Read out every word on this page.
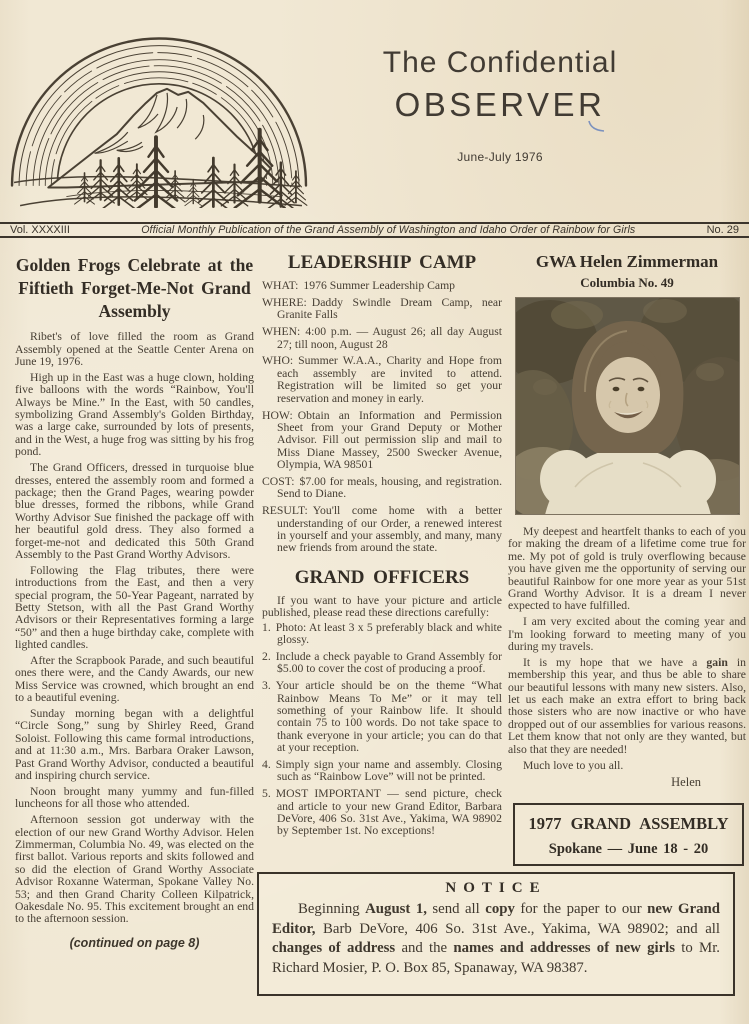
The Confidential
OBSERVER
June-July 1976
Vol. XXXXIII	Official Monthly Publication of the Grand Assembly of Washington and Idaho Order of Rainbow for Girls	No. 29
Golden Frogs Celebrate at the Fiftieth Forget-Me-Not Grand Assembly

Ribet's of love filled the room as Grand Assembly opened at the Seattle Center Arena on June 19, 1976.

High up in the East was a huge clown, holding five balloons with the words “Rainbow, You'll Always be Mine.” In the East, with 50 candles, symbolizing Grand Assembly's Golden Birthday, was a large cake, surrounded by lots of presents, and in the West, a huge frog was sitting by his frog pond.

The Grand Officers, dressed in turquoise blue dresses, entered the assembly room and formed a package; then the Grand Pages, wearing powder blue dresses, formed the ribbons, while Grand Worthy Advisor Sue finished the package off with her beautiful gold dress. They also formed a forget-me-not and dedicated this 50th Grand Assembly to the Past Grand Worthy Advisors.

Following the Flag tributes, there were introductions from the East, and then a very special program, the 50-Year Pageant, narrated by Betty Stetson, with all the Past Grand Worthy Advisors or their Representatives forming a large “50” and then a huge birthday cake, complete with lighted candles.

After the Scrapbook Parade, and such beautiful ones there were, and the Candy Awards, our new Miss Service was crowned, which brought an end to a beautiful evening.

Sunday morning began with a delightful “Circle Song,” sung by Shirley Reed, Grand Soloist. Following this came formal introductions, and at 11:30 a.m., Mrs. Barbara Oraker Lawson, Past Grand Worthy Advisor, conducted a beautiful and inspiring church service.

Noon brought many yummy and fun-filled luncheons for all those who attended.

Afternoon session got underway with the election of our new Grand Worthy Advisor. Helen Zimmerman, Columbia No. 49, was elected on the first ballot. Various reports and skits followed and so did the election of Grand Worthy Associate Advisor Roxanne Waterman, Spokane Valley No. 53; and then Grand Charity Colleen Kilpatrick, Oakesdale No. 95. This excitement brought an end to the afternoon session.

(continued on page 8)
LEADERSHIP CAMP
WHAT: 1976 Summer Leadership Camp
WHERE: Daddy Swindle Dream Camp, near Granite Falls
WHEN: 4:00 p.m. — August 26; all day August 27; till noon, August 28
WHO: Summer W.A.A., Charity and Hope from each assembly are invited to attend. Registration will be limited so get your reservation and money in early.
HOW: Obtain an Information and Permission Sheet from your Grand Deputy or Mother Advisor. Fill out permission slip and mail to Miss Diane Massey, 2500 Swecker Avenue, Olympia, WA 98501
COST: $7.00 for meals, housing, and registration. Send to Diane.
RESULT: You'll come home with a better understanding of our Order, a renewed interest in yourself and your assembly, and many, many new friends from around the state.
GRAND OFFICERS

If you want to have your picture and article published, please read these directions carefully:

1. Photo: At least 3 x 5 preferably black and white glossy.
2. Include a check payable to Grand Assembly for $5.00 to cover the cost of producing a proof.
3. Your article should be on the theme “What Rainbow Means To Me” or it may tell something of your Rainbow life. It should contain 75 to 100 words. Do not take space to thank everyone in your article; you can do that at your reception.
4. Simply sign your name and assembly. Closing such as “Rainbow Love” will not be printed.
5. MOST IMPORTANT — send picture, check and article to your new Grand Editor, Barbara DeVore, 406 So. 31st Ave., Yakima, WA 98902 by September 1st. No exceptions!
GWA Helen Zimmerman
Columbia No. 49

My deepest and heartfelt thanks to each of you for making the dream of a lifetime come true for me. My pot of gold is truly overflowing because you have given me the opportunity of serving our beautiful Rainbow for one more year as your 51st Grand Worthy Advisor. It is a dream I never expected to have fulfilled.

I am very excited about the coming year and I'm looking forward to meeting many of you during my travels.

It is my hope that we have a gain in membership this year, and thus be able to share our beautiful lessons with many new sisters. Also, let us each make an extra effort to bring back those sisters who are now inactive or who have dropped out of our assemblies for various reasons. Let them know that not only are they wanted, but also that they are needed!

Much love to you all.

Helen
1977 GRAND ASSEMBLY
Spokane — June 18 - 20
NOTICE

Beginning August 1, send all copy for the paper to our new Grand Editor, Barb DeVore, 406 So. 31st Ave., Yakima, WA 98902; and all changes of address and the names and addresses of new girls to Mr. Richard Mosier, P. O. Box 85, Spanaway, WA 98387.
